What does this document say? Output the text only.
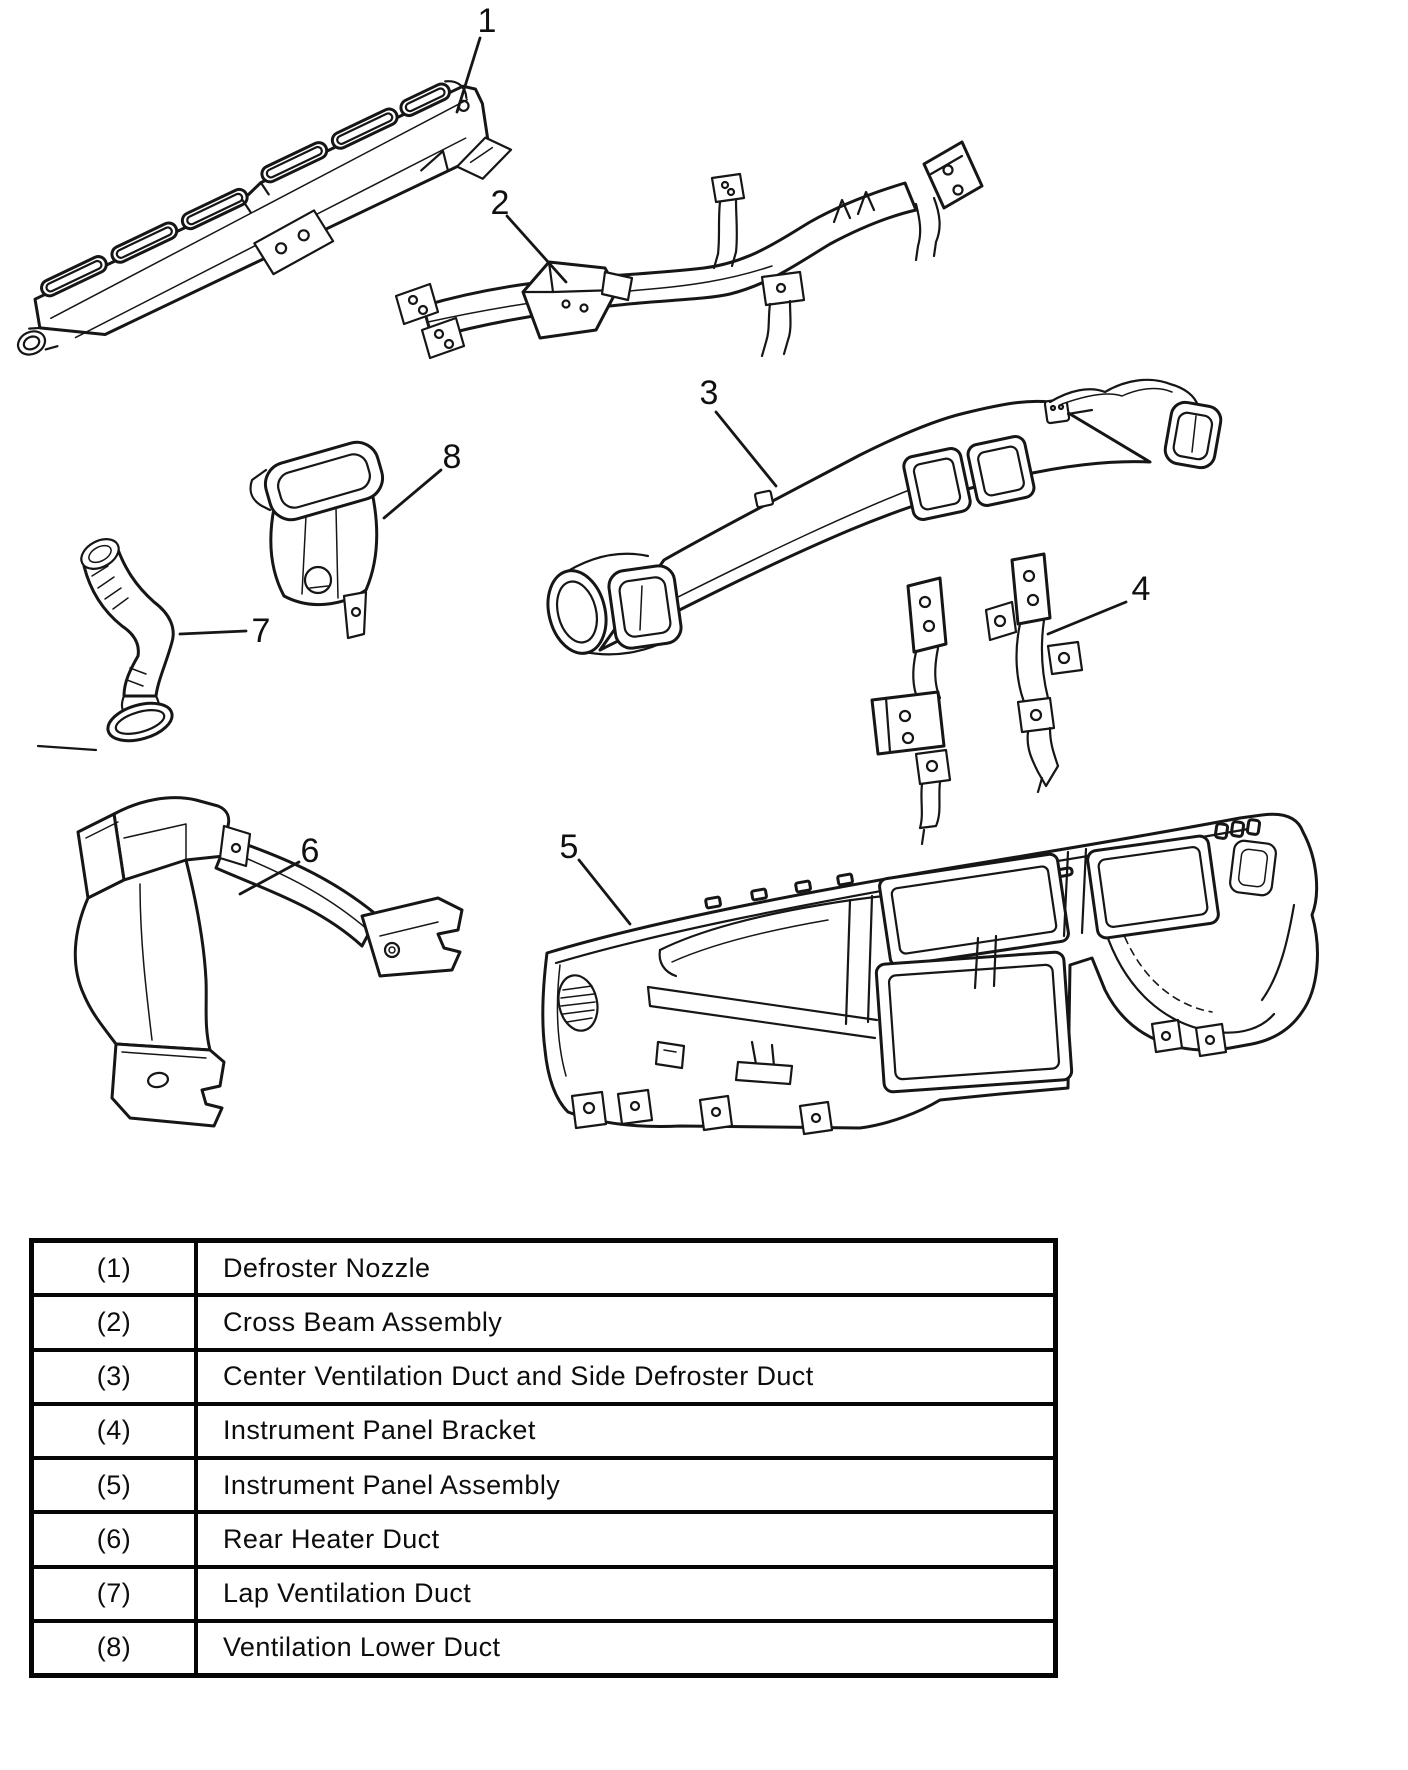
1
2
3
4
5
6
7
8
(1)	Defroster Nozzle
(2)	Cross Beam Assembly
(3)	Center Ventilation Duct and Side Defroster Duct
(4)	Instrument Panel Bracket
(5)	Instrument Panel Assembly
(6)	Rear Heater Duct
(7)	Lap Ventilation Duct
(8)	Ventilation Lower Duct
